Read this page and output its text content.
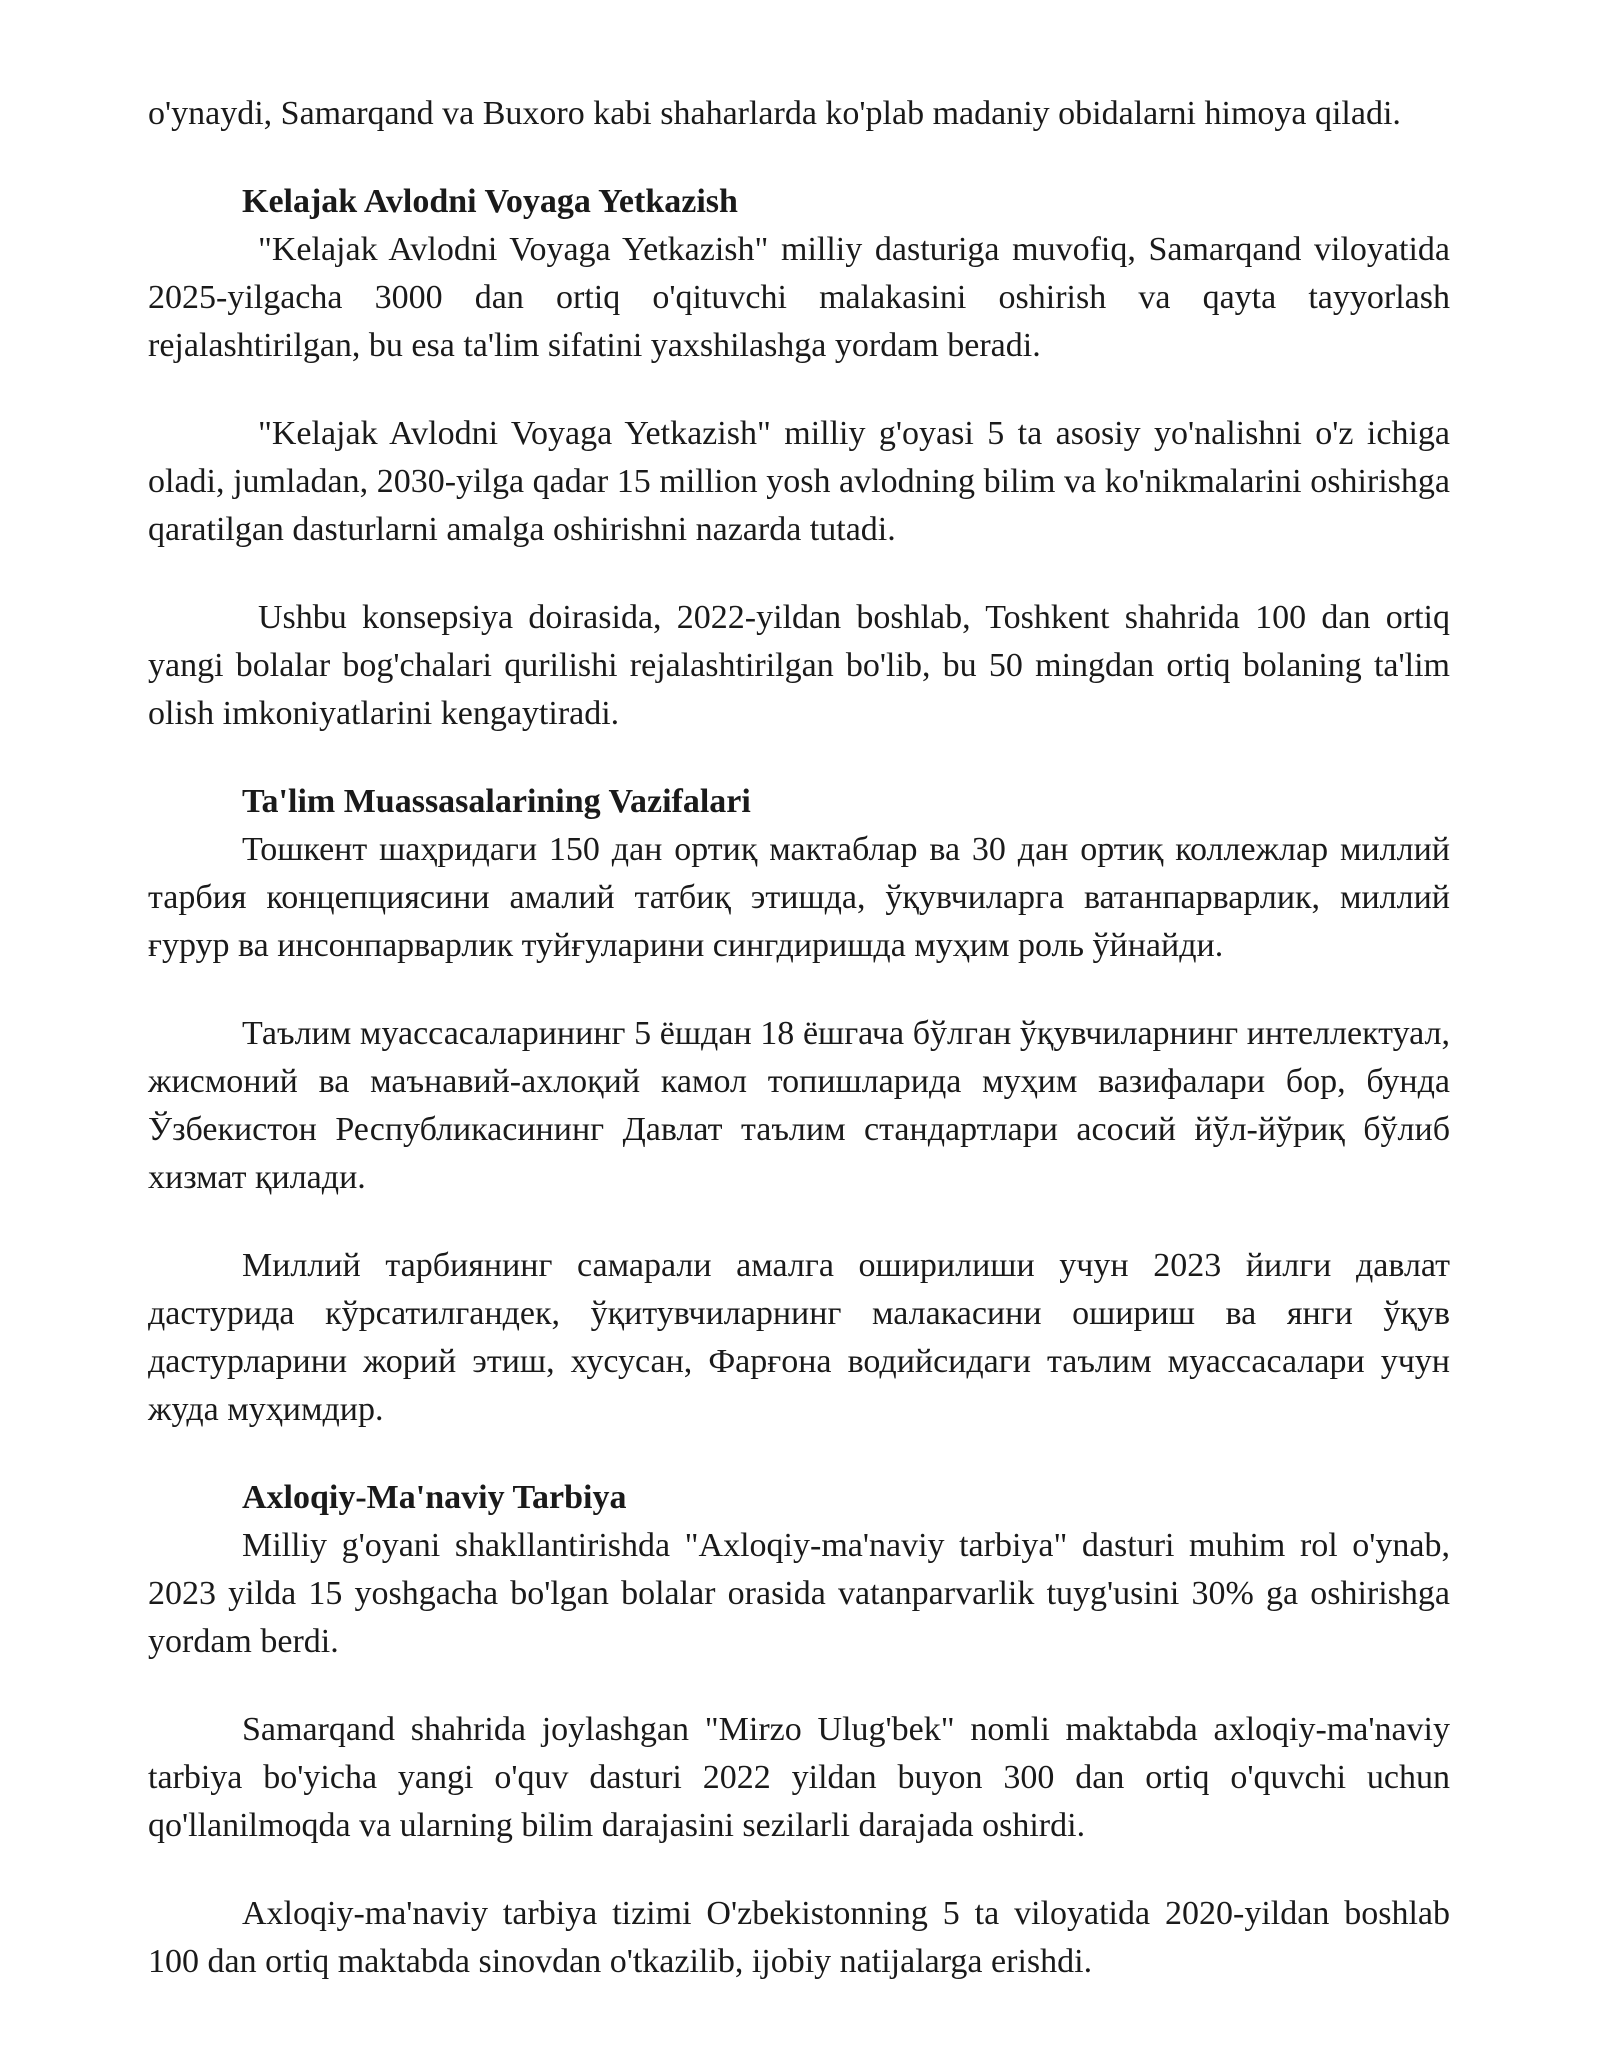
o'ynaydi, Samarqand va Buxoro kabi shaharlarda ko'plab madaniy obidalarni himoya qiladi.

Kelajak Avlodni Voyaga Yetkazish

"Kelajak Avlodni Voyaga Yetkazish" milliy dasturiga muvofiq, Samarqand viloyatida 2025-yilgacha 3000 dan ortiq o'qituvchi malakasini oshirish va qayta tayyorlash rejalashtirilgan, bu esa ta'lim sifatini yaxshilashga yordam beradi.

"Kelajak Avlodni Voyaga Yetkazish" milliy g'oyasi 5 ta asosiy yo'nalishni o'z ichiga oladi, jumladan, 2030-yilga qadar 15 million yosh avlodning bilim va ko'nikmalarini oshirishga qaratilgan dasturlarni amalga oshirishni nazarda tutadi.

Ushbu konsepsiya doirasida, 2022-yildan boshlab, Toshkent shahrida 100 dan ortiq yangi bolalar bog'chalari qurilishi rejalashtirilgan bo'lib, bu 50 mingdan ortiq bolaning ta'lim olish imkoniyatlarini kengaytiradi.

Ta'lim Muassasalarining Vazifalari

Тошкент шаҳридаги 150 дан ортиқ мактаблар ва 30 дан ортиқ коллежлар миллий тарбия концепциясини амалий татбиқ этишда, ўқувчиларга ватанпарварлик, миллий ғурур ва инсонпарварлик туйғуларини сингдиришда муҳим роль ўйнайди.

Таълим муассасаларининг 5 ёшдан 18 ёшгача бўлган ўқувчиларнинг интеллектуал, жисмоний ва маънавий-ахлоқий камол топишларида муҳим вазифалари бор, бунда Ўзбекистон Республикасининг Давлат таълим стандартлари асосий йўл-йўриқ бўлиб хизмат қилади.

Миллий тарбиянинг самарали амалга оширилиши учун 2023 йилги давлат дастурида кўрсатилгандек, ўқитувчиларнинг малакасини ошириш ва янги ўқув дастурларини жорий этиш, хусусан, Фарғона водийсидаги таълим муассасалари учун жуда муҳимдир.

Axloqiy-Ma'naviy Tarbiya

Milliy g'oyani shakllantirishda "Axloqiy-ma'naviy tarbiya" dasturi muhim rol o'ynab, 2023 yilda 15 yoshgacha bo'lgan bolalar orasida vatanparvarlik tuyg'usini 30% ga oshirishga yordam berdi.

Samarqand shahrida joylashgan "Mirzo Ulug'bek" nomli maktabda axloqiy-ma'naviy tarbiya bo'yicha yangi o'quv dasturi 2022 yildan buyon 300 dan ortiq o'quvchi uchun qo'llanilmoqda va ularning bilim darajasini sezilarli darajada oshirdi.

Axloqiy-ma'naviy tarbiya tizimi O'zbekistonning 5 ta viloyatida 2020-yildan boshlab 100 dan ortiq maktabda sinovdan o'tkazilib, ijobiy natijalarga erishdi.
